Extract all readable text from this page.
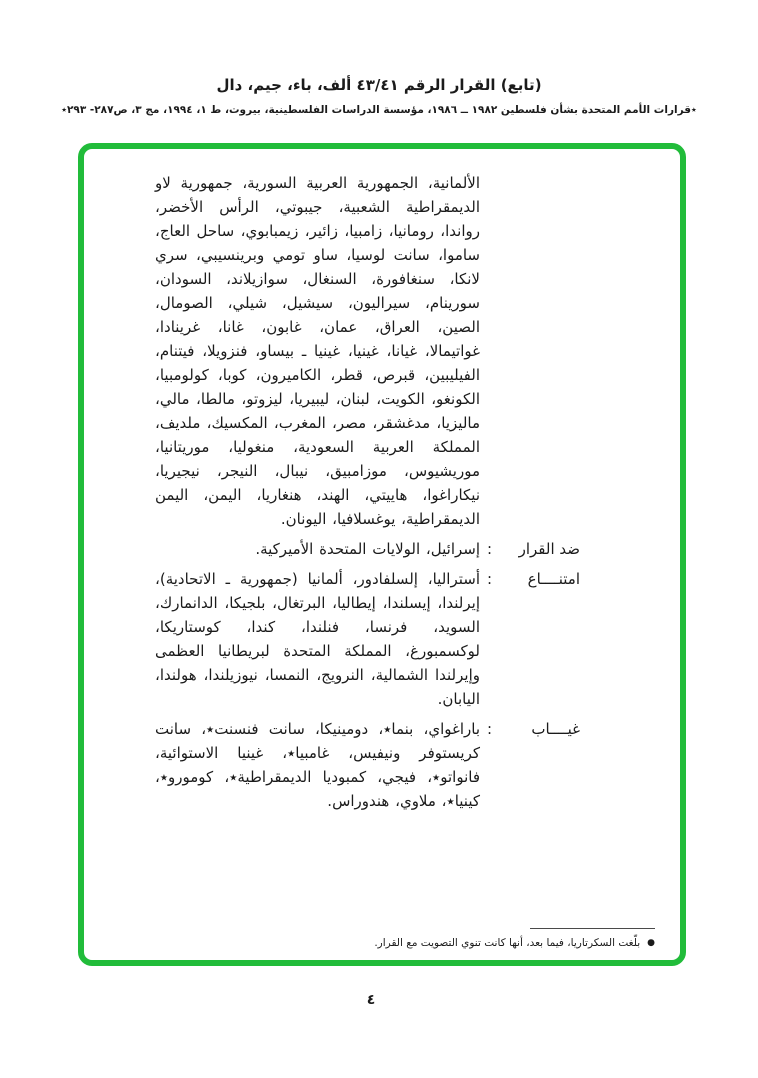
(تابع) القرار الرقم ٤٣/٤١ ألف، باء، جيم، دال
٭قرارات الأمم المتحدة بشأن فلسطين ١٩٨٢ ــ ١٩٨٦، مؤسسة الدراسات الفلسطينية، بيروت، ط ١، ١٩٩٤، مج ٣، ص٢٨٧- ٢٩٣٭
الألمانية، الجمهورية العربية السورية، جمهورية لاو الديمقراطية الشعبية، جيبوتي، الرأس الأخضر، رواندا، رومانيا، زامبيا، زائير، زيمبابوي، ساحل العاج، ساموا، سانت لوسيا، ساو تومي وبرينسيبي، سري لانكا، سنغافورة، السنغال، سوازيلاند، السودان، سورينام، سيراليون، سيشيل، شيلي، الصومال، الصين، العراق، عمان، غابون، غانا، غرينادا، غواتيمالا، غيانا، غينيا، غينيا ـ بيساو، فنزويلا، فيتنام، الفيليبين، قبرص، قطر، الكاميرون، كوبا، كولومبيا، الكونغو، الكويت، لبنان، ليبيريا، ليزوتو، مالطا، مالي، ماليزيا، مدغشقر، مصر، المغرب، المكسيك، ملديف، المملكة العربية السعودية، منغوليا، موريتانيا، موريشيوس، موزامبيق، نيبال، النيجر، نيجيريا، نيكاراغوا، هاييتي، الهند، هنغاريا، اليمن، اليمن الديمقراطية، يوغسلافيا، اليونان.
ضد القرار
:
إسرائيل، الولايات المتحدة الأميركية.
امتنــــاع
:
أستراليا، إلسلفادور، ألمانيا (جمهورية ـ الاتحادية)، إيرلندا، إيسلندا، إيطاليا، البرتغال، بلجيكا، الدانمارك، السويد، فرنسا، فنلندا، كندا، كوستاريكا، لوكسمبورغ، المملكة المتحدة لبريطانيا العظمى وإيرلندا الشمالية، النرويج، النمسا، نيوزيلندا، هولندا، اليابان.
غيــــاب
:
باراغواي، بنما٭، دومينيكا، سانت فنسنت٭، سانت كريستوفر ونيفيس، غامبيا٭، غينيا الاستوائية، فانواتو٭، فيجي، كمبوديا الديمقراطية٭، كومورو٭، كينيا٭، ملاوي، هندوراس.
●بلّغت السكرتاريا، فيما بعد، أنها كانت تنوي التصويت مع القرار.
٤
